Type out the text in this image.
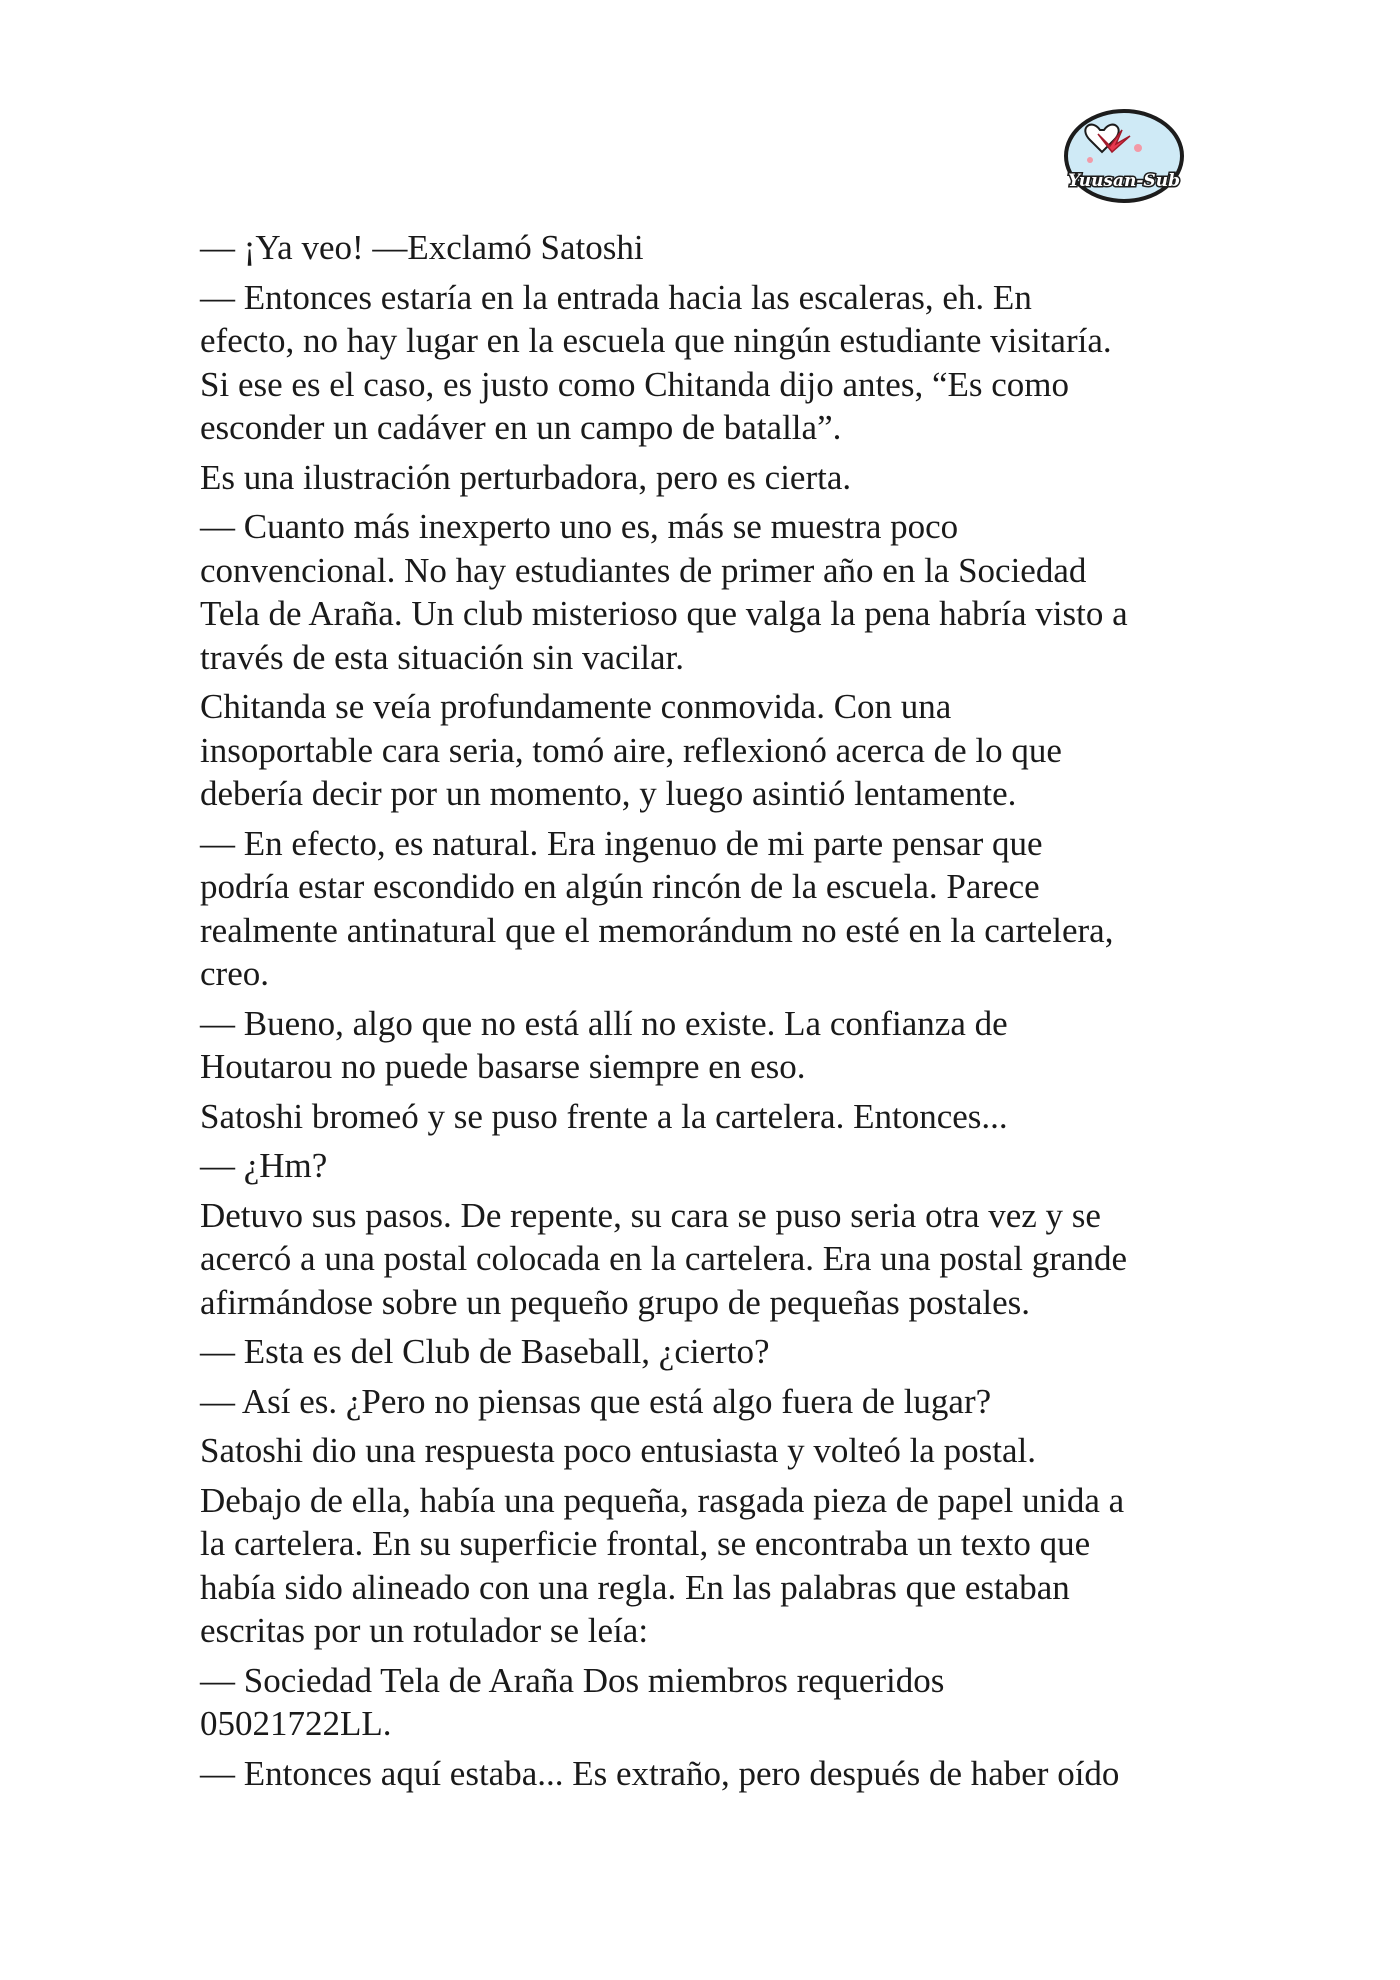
Yuusan-Sub
— ¡Ya veo! —Exclamó Satoshi
— Entonces estaría en la entrada hacia las escaleras, eh. En
efecto, no hay lugar en la escuela que ningún estudiante visitaría.
Si ese es el caso, es justo como Chitanda dijo antes, “Es como
esconder un cadáver en un campo de batalla”.
Es una ilustración perturbadora, pero es cierta.
— Cuanto más inexperto uno es, más se muestra poco
convencional. No hay estudiantes de primer año en la Sociedad
Tela de Araña. Un club misterioso que valga la pena habría visto a
través de esta situación sin vacilar.
Chitanda se veía profundamente conmovida. Con una
insoportable cara seria, tomó aire, reflexionó acerca de lo que
debería decir por un momento, y luego asintió lentamente.
— En efecto, es natural. Era ingenuo de mi parte pensar que
podría estar escondido en algún rincón de la escuela. Parece
realmente antinatural que el memorándum no esté en la cartelera,
creo.
— Bueno, algo que no está allí no existe. La confianza de
Houtarou no puede basarse siempre en eso.
Satoshi bromeó y se puso frente a la cartelera. Entonces...
— ¿Hm?
Detuvo sus pasos. De repente, su cara se puso seria otra vez y se
acercó a una postal colocada en la cartelera. Era una postal grande
afirmándose sobre un pequeño grupo de pequeñas postales.
— Esta es del Club de Baseball, ¿cierto?
— Así es. ¿Pero no piensas que está algo fuera de lugar?
Satoshi dio una respuesta poco entusiasta y volteó la postal.
Debajo de ella, había una pequeña, rasgada pieza de papel unida a
la cartelera. En su superficie frontal, se encontraba un texto que
había sido alineado con una regla. En las palabras que estaban
escritas por un rotulador se leía:
— Sociedad Tela de Araña Dos miembros requeridos
05021722LL.
— Entonces aquí estaba... Es extraño, pero después de haber oído
